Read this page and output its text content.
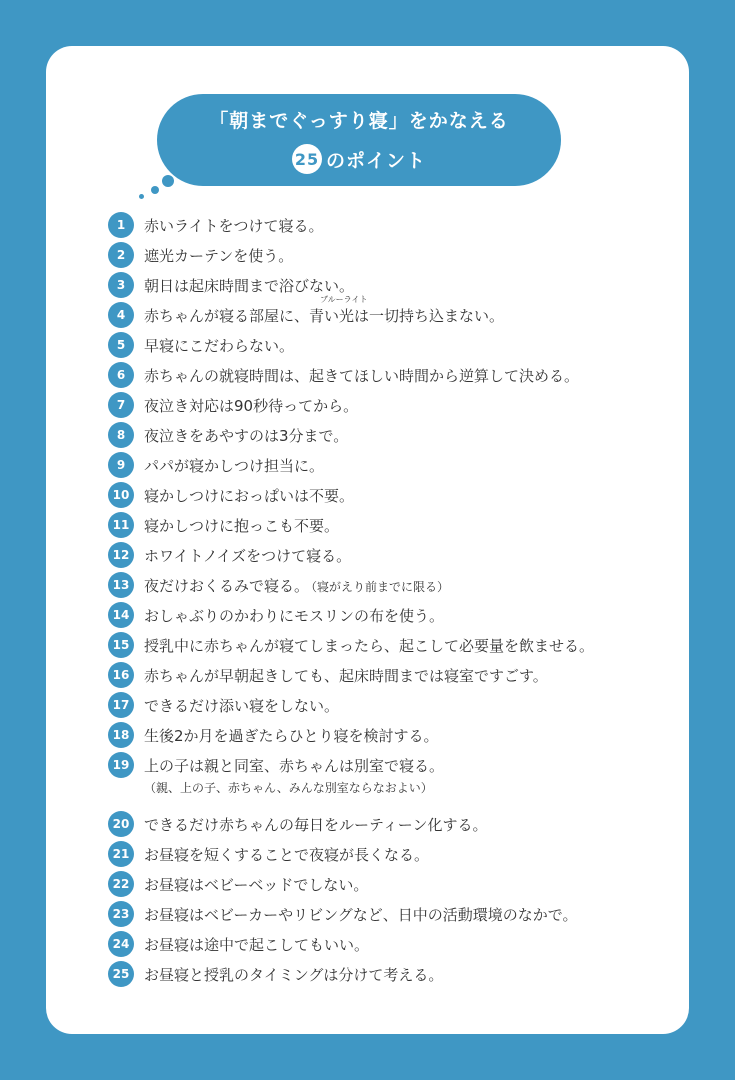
「朝までぐっすり寝」をかなえる
25 のポイント
1	赤いライトをつけて寝る。
2	遮光カーテンを使う。
3	朝日は起床時間まで浴びない。
4	赤ちゃんが寝る部屋に、青い光は一切持ち込まない。
ブルーライト
5	早寝にこだわらない。
6	赤ちゃんの就寝時間は、起きてほしい時間から逆算して決める。
7	夜泣き対応は90秒待ってから。
8	夜泣きをあやすのは3分まで。
9	パパが寝かしつけ担当に。
10 寝かしつけにおっぱいは不要。
11 寝かしつけに抱っこも不要。
12 ホワイトノイズをつけて寝る。
13 夜だけおくるみで寝る。 （寝がえり前までに限る）
14 おしゃぶりのかわりにモスリンの布を使う。
15 授乳中に赤ちゃんが寝てしまったら、起こして必要量を飲ませる。
16 赤ちゃんが早朝起きしても、起床時間までは寝室ですごす。
17 できるだけ添い寝をしない。
18 生後2か月を過ぎたらひとり寝を検討する。
19 上の子は親と同室、赤ちゃんは別室で寝る。
（親、上の子、赤ちゃん、みんな別室ならなおよい）
20 できるだけ赤ちゃんの毎日をルーティーン化する。
21 お昼寝を短くすることで夜寝が長くなる。
22 お昼寝はベビーベッドでしない。
23 お昼寝はベビーカーやリビングなど、日中の活動環境のなかで。
24 お昼寝は途中で起こしてもいい。
25 お昼寝と授乳のタイミングは分けて考える。
